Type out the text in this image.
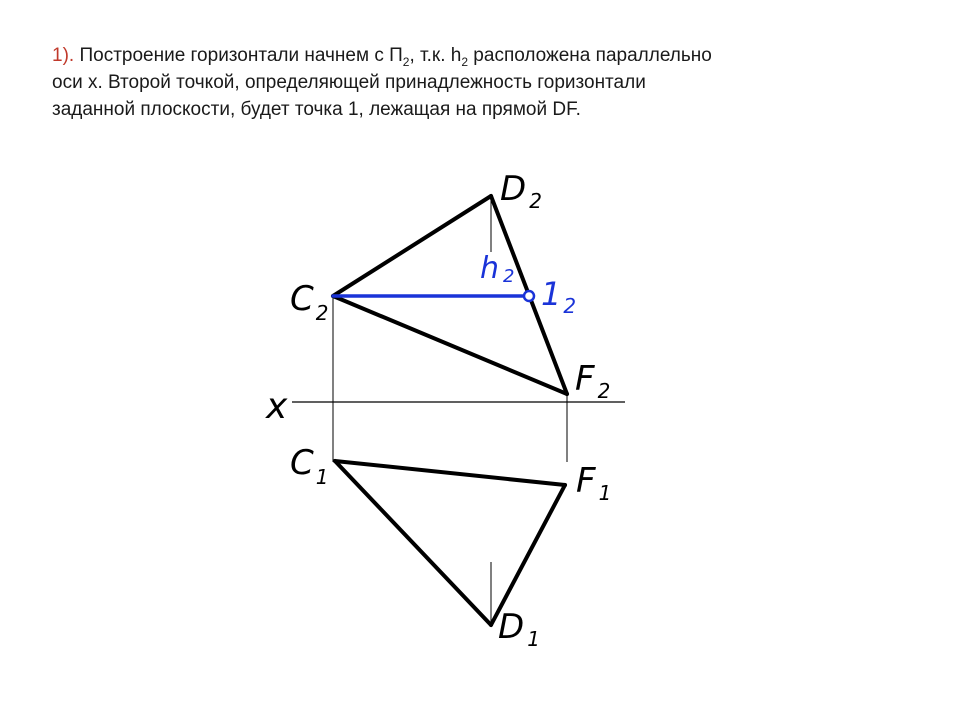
1). Построение горизонтали начнем с $П_2$, т.к. $h_2$ расположена параллельно
оси х. Второй точкой, определяющей принадлежность горизонтали
заданной плоскости, будет точка 1, лежащая на прямой DF.
D $_2$
C $_2$
h 2 1 $_2$
F $_2$
x
C $_1$	F $_1$
D $_1$
